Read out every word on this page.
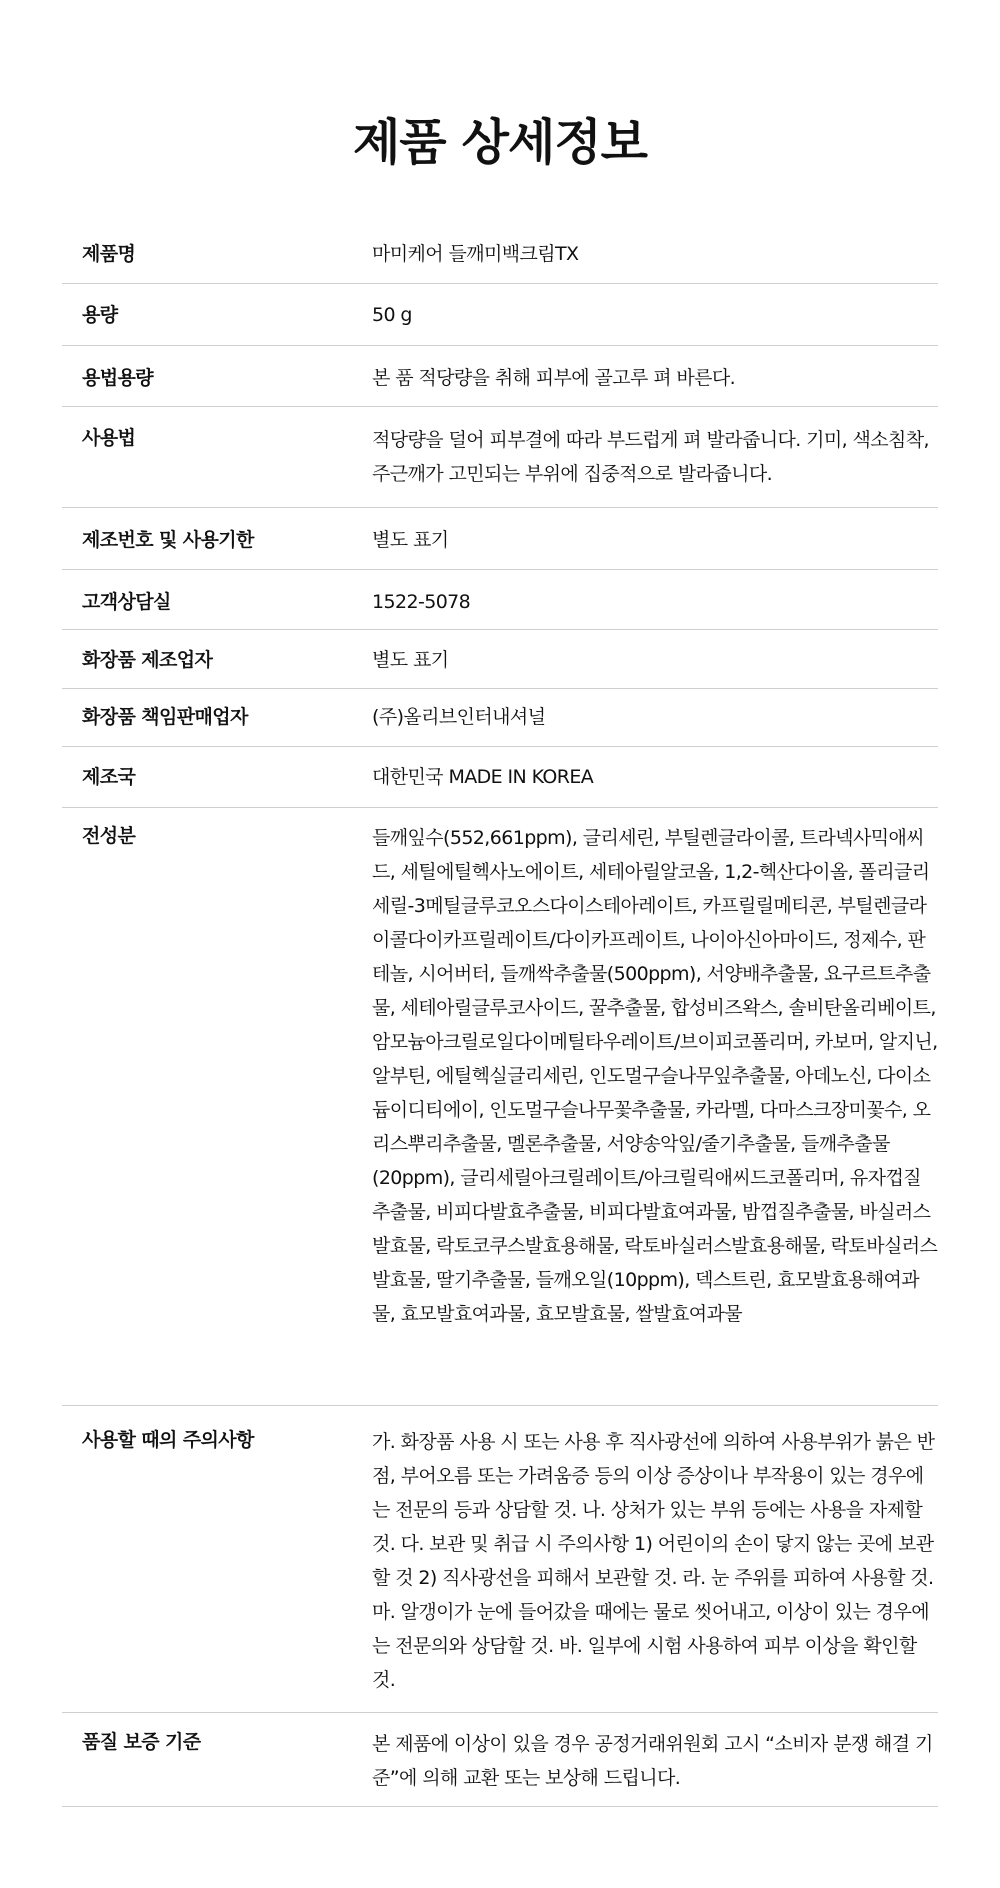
제품 상세정보
제품명	마미케어 들깨미백크림TX
용량	50 g
용법용량	본 품 적당량을 취해 피부에 골고루 펴 바른다.
사용법	적당량을 덜어 피부결에 따라 부드럽게 펴 발라줍니다. 기미, 색소침착, 주근깨가 고민되는 부위에 집중적으로 발라줍니다.
제조번호 및 사용기한	별도 표기
고객상담실	1522-5078
화장품 제조업자	별도 표기
화장품 책임판매업자	(주)올리브인터내셔널
제조국	대한민국 MADE IN KOREA
전성분	들깨잎수(552,661ppm), 글리세린, 부틸렌글라이콜, 트라넥사믹애씨드, 세틸에틸헥사노에이트, 세테아릴알코올, 1,2-헥산다이올, 폴리글리세릴-3메틸글루코오스다이스테아레이트, 카프릴릴메티콘, 부틸렌글라이콜다이카프릴레이트/다이카프레이트, 나이아신아마이드, 정제수, 판테놀, 시어버터, 들깨싹추출물(500ppm), 서양배추출물, 요구르트추출물, 세테아릴글루코사이드, 꿀추출물, 합성비즈왁스, 솔비탄올리베이트, 암모늄아크릴로일다이메틸타우레이트/브이피코폴리머, 카보머, 알지닌, 알부틴, 에틸헥실글리세린, 인도멀구슬나무잎추출물, 아데노신, 다이소듐이디티에이, 인도멀구슬나무꽃추출물, 카라멜, 다마스크장미꽃수, 오리스뿌리추출물, 멜론추출물, 서양송악잎/줄기추출물, 들깨추출물(20ppm), 글리세릴아크릴레이트/아크릴릭애씨드코폴리머, 유자껍질추출물, 비피다발효추출물, 비피다발효여과물, 밤껍질추출물, 바실러스발효물, 락토코쿠스발효용해물, 락토바실러스발효용해물, 락토바실러스발효물, 딸기추출물, 들깨오일(10ppm), 덱스트린, 효모발효용해여과물, 효모발효여과물, 효모발효물, 쌀발효여과물
사용할 때의 주의사항	가. 화장품 사용 시 또는 사용 후 직사광선에 의하여 사용부위가 붉은 반점, 부어오름 또는 가려움증 등의 이상 증상이나 부작용이 있는 경우에는 전문의 등과 상담할 것. 나. 상처가 있는 부위 등에는 사용을 자제할 것. 다. 보관 및 취급 시 주의사항 1) 어린이의 손이 닿지 않는 곳에 보관할 것 2) 직사광선을 피해서 보관할 것. 라. 눈 주위를 피하여 사용할 것. 마. 알갱이가 눈에 들어갔을 때에는 물로 씻어내고, 이상이 있는 경우에는 전문의와 상담할 것. 바. 일부에 시험 사용하여 피부 이상을 확인할 것.
품질 보증 기준	본 제품에 이상이 있을 경우 공정거래위원회 고시 “소비자 분쟁 해결 기준”에 의해 교환 또는 보상해 드립니다.
